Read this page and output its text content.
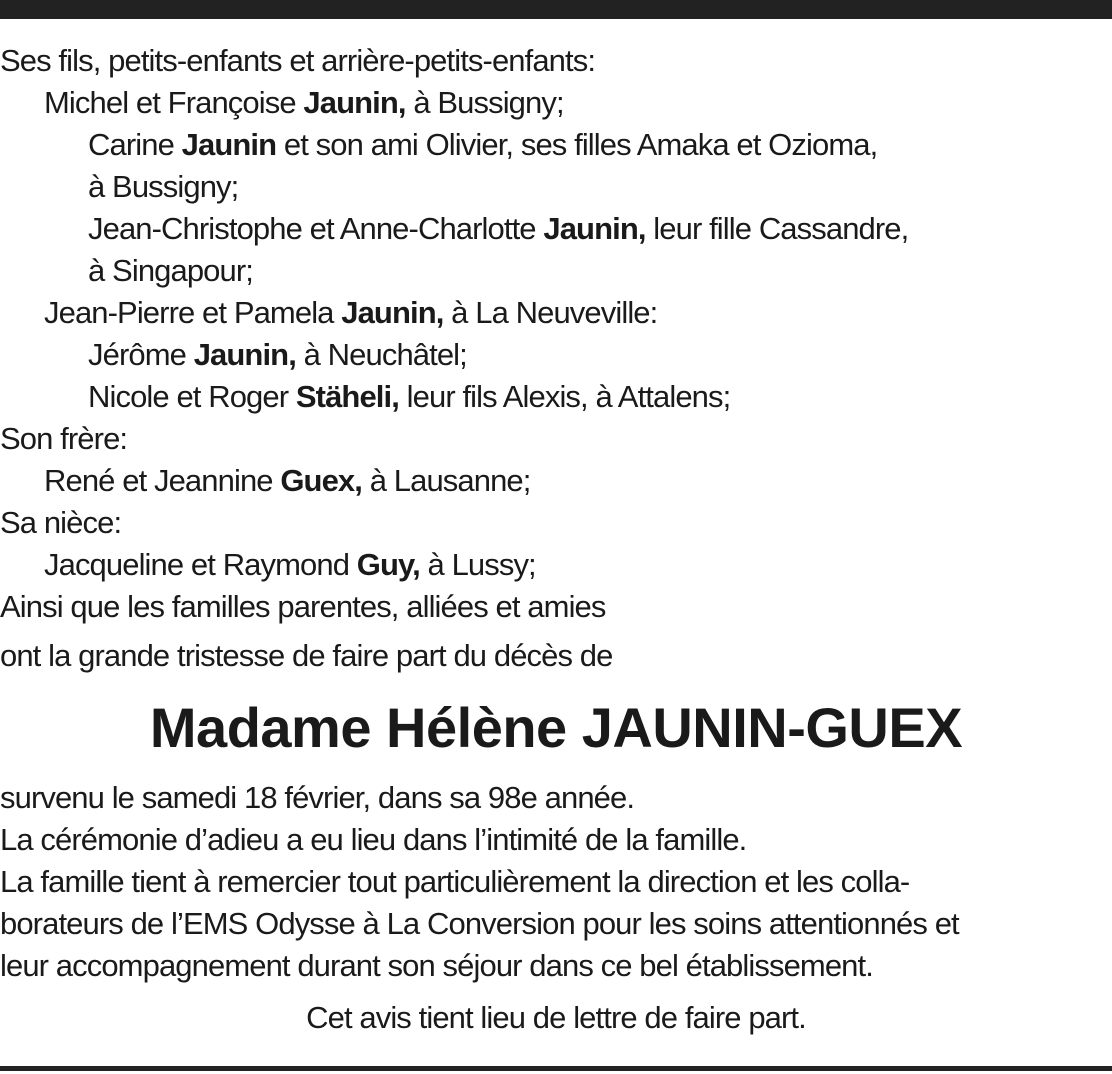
Ses fils, petits-enfants et arrière-petits-enfants:
Michel et Françoise Jaunin, à Bussigny;
Carine Jaunin et son ami Olivier, ses filles Amaka et Ozioma,
à Bussigny;
Jean-Christophe et Anne-Charlotte Jaunin, leur fille Cassandre,
à Singapour;
Jean-Pierre et Pamela Jaunin, à La Neuveville:
Jérôme Jaunin, à Neuchâtel;
Nicole et Roger Stäheli, leur fils Alexis, à Attalens;
Son frère:
René et Jeannine Guex, à Lausanne;
Sa nièce:
Jacqueline et Raymond Guy, à Lussy;
Ainsi que les familles parentes, alliées et amies
ont la grande tristesse de faire part du décès de
Madame Hélène JAUNIN-GUEX
survenu le samedi 18 février, dans sa 98e année.
La cérémonie d’adieu a eu lieu dans l’intimité de la famille.
La famille tient à remercier tout particulièrement la direction et les colla-
borateurs de l’EMS Odysse à La Conversion pour les soins attentionnés et
leur accompagnement durant son séjour dans ce bel établissement.
Cet avis tient lieu de lettre de faire part.
